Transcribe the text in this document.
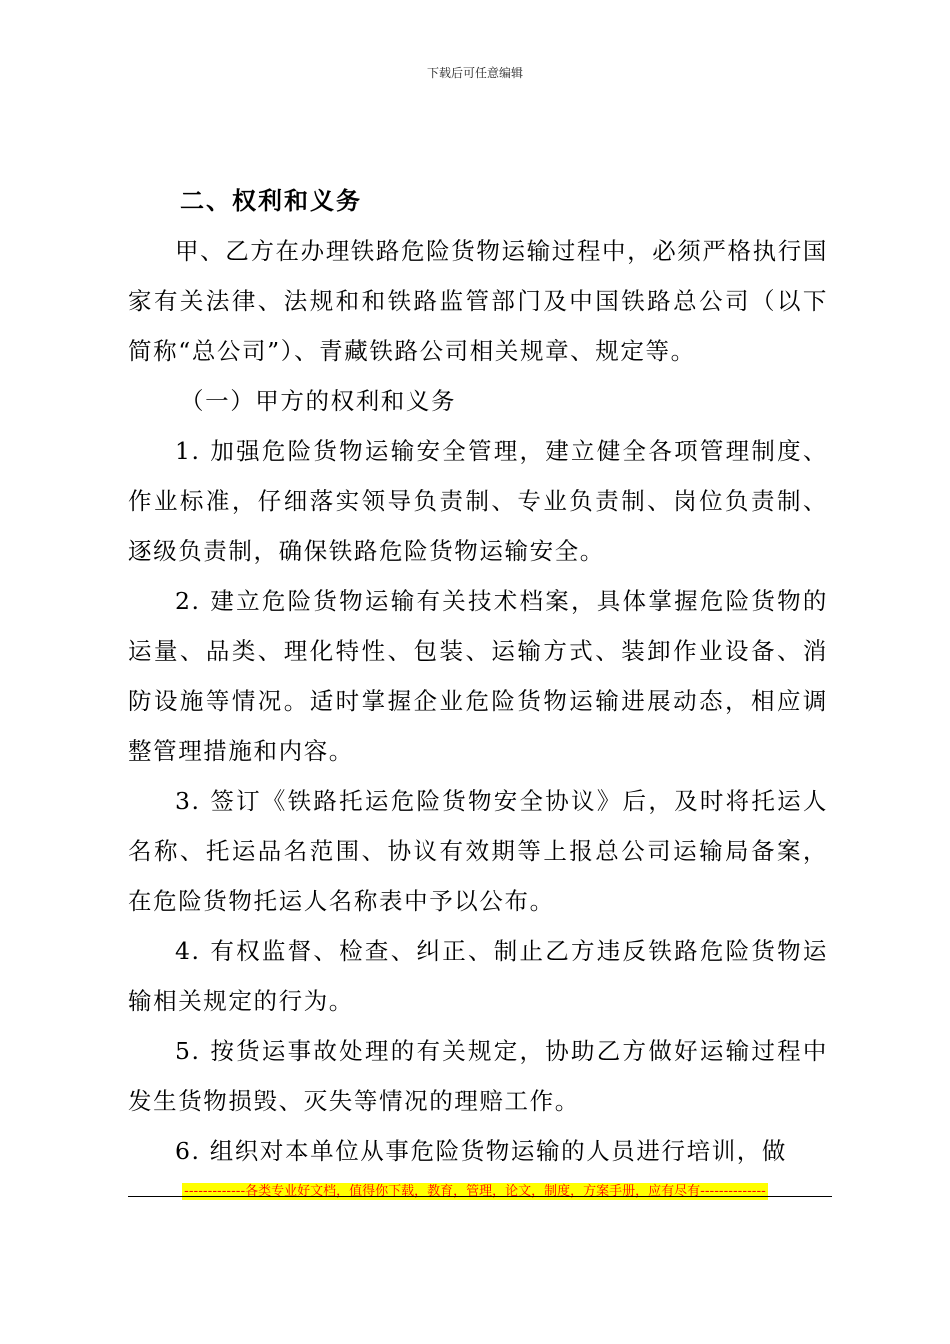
下载后可任意编辑
二、权利和义务

甲、乙方在办理铁路危险货物运输过程中，必须严格执行国家有关法律、法规和和铁路监管部门及中国铁路总公司（以下简称“总公司”）、青藏铁路公司相关规章、规定等。

（一）甲方的权利和义务

1. 加强危险货物运输安全管理，建立健全各项管理制度、作业标准，仔细落实领导负责制、专业负责制、岗位负责制、逐级负责制，确保铁路危险货物运输安全。

2. 建立危险货物运输有关技术档案，具体掌握危险货物的运量、品类、理化特性、包装、运输方式、装卸作业设备、消防设施等情况。适时掌握企业危险货物运输进展动态，相应调整管理措施和内容。

3. 签订《铁路托运危险货物安全协议》后，及时将托运人名称、托运品名范围、协议有效期等上报总公司运输局备案，在危险货物托运人名称表中予以公布。

4. 有权监督、检查、纠正、制止乙方违反铁路危险货物运输相关规定的行为。

5. 按货运事故处理的有关规定，协助乙方做好运输过程中发生货物损毁、灭失等情况的理赔工作。

6. 组织对本单位从事危险货物运输的人员进行培训，做

-------------各类专业好文档，值得你下载，教育，管理，论文，制度，方案手册，应有尽有--------------
